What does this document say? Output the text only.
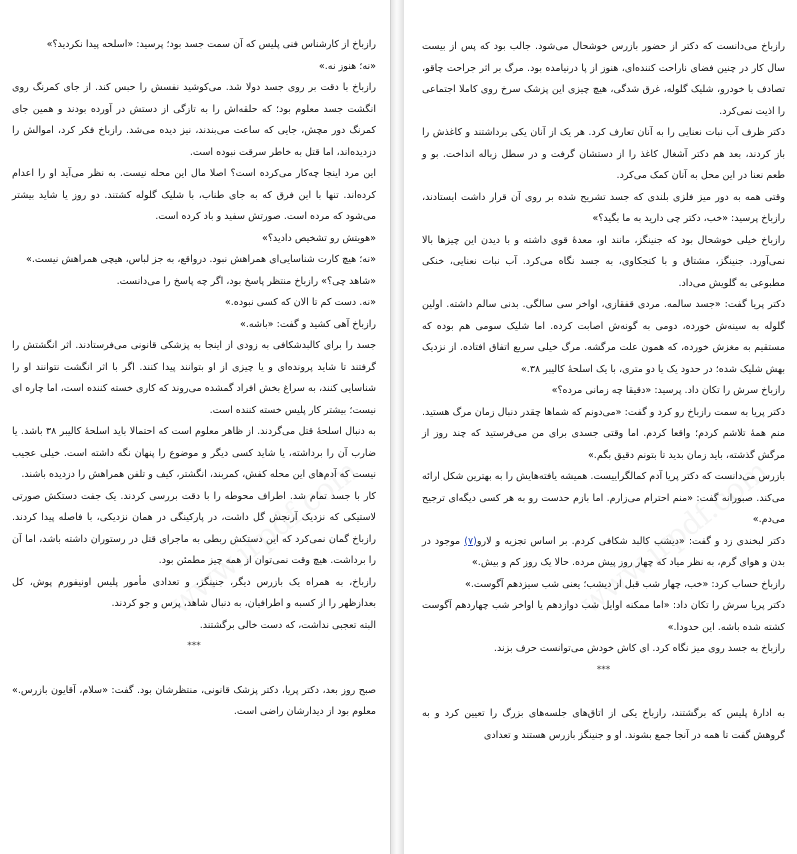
رازباخ از کارشناس فنی پلیس که آن سمت جسد بود؛ پرسید: «اسلحه پیدا نکردید؟»

«نه؛ هنوز نه.»

رازباخ با دقت بر روی جسد دولا شد. می‌کوشید نفسش را حبس کند. از جای کمرنگ روی انگشت جسد معلوم بود؛ که حلقه‌اش را به تازگی از دستش در آورده بودند و همین جای کمرنگ دور مچش، جایی که ساعت می‌بندند، نیز دیده می‌شد. رازباخ فکر کرد، اموالش را دزدیده‌اند، اما قتل به خاطر سرقت نبوده است.

این مرد اینجا چه‌کار می‌کرده است؟ اصلا مال این محله نیست. به نظر می‌آید او را اعدام کرده‌اند. تنها با این فرق که به جای طناب، با شلیک گلوله کشتند. دو روز یا شاید بیشتر می‌شود که مرده است. صورتش سفید و باد کرده است.

«هویتش رو تشخیص دادید؟»

«نه؛ هیچ کارت شناسایی‌ای همراهش نبود. درواقع، به جز لباس، هیچی همراهش نیست.»

«شاهد چی؟» رازباخ منتظر پاسخ بود، اگر چه پاسخ را می‌دانست.

«نه. دست کم تا الان که کسی نبوده.»

رازباخ آهی کشید و گفت: «باشه.»

جسد را برای کالبدشکافی به زودی از اینجا به پزشکی قانونی می‌فرستادند. اثر انگشتش را گرفتند تا شاید پرونده‌ای و یا چیزی از او بتوانند پیدا کنند. اگر با اثر انگشت نتوانند او را شناسایی کنند، به سراغ بخش افراد گمشده می‌روند که کاری خسته کننده است، اما چاره ای نیست؛ بیشتر کار پلیس خسته کننده است.

به دنبال اسلحهٔ قتل می‌گردند. از ظاهر معلوم است که احتمالا باید اسلحهٔ کالیبر ۳۸ باشد. یا ضارب آن را برداشته، یا شاید کسی دیگر و موضوع را پنهان نگه داشته است. خیلی عجیب نیست که آدم‌های این محله کفش، کمربند، انگشتر، کیف و تلفن همراهش را دزدیده باشند.

کار با جسد تمام شد. اطراف محوطه را با دقت بررسی کردند. یک جفت دستکش صورتی لاستیکی که نزدیک آرنجش گل داشت، در پارکینگی در همان نزدیکی، با فاصله پیدا کردند. رازباخ گمان نمی‌کرد که این دستکش ربطی به ماجرای قتل در رستوران داشته باشد، اما آن را برداشت. هیچ وقت نمی‌توان از همه چیز مطمئن بود.

رازباخ، به همراه یک بازرس دیگر، جنینگز، و تعدادی مأمور پلیس اونیفورم پوش، کل بعدازظهر را از کسبه و اطرافیان، به دنبال شاهد، پرس و جو کردند.

البته تعجبی نداشت، که دست خالی برگشتند.

***

صبح روز بعد، دکتر پریا، دکتر پزشک قانونی، منتظرشان بود. گفت: «سلام، آقایون بازرس.» معلوم بود از دیدارشان راضی است.

رازباخ می‌دانست که دکتر از حضور بازرس خوشحال می‌شود. جالب بود که پس از بیست سال کار در چنین فضای ناراحت کننده‌ای، هنوز از پا درنیامده بود. مرگ بر اثر جراحت چاقو، تصادف با خودرو، شلیک گلوله، غرق شدگی، هیچ چیزی این پزشک سرخ روی کاملا اجتماعی را اذیت نمی‌کرد.

دکتر ظرف آب نبات نعنایی را به آنان تعارف کرد. هر یک از آنان یکی برداشتند و کاغذش را باز کردند، بعد هم دکتر آشغال کاغذ را از دستشان گرفت و در سطل زباله انداخت. بو و طعم نعنا در این محل به آنان کمک می‌کرد.

وقتی همه به دور میز فلزی بلندی که جسد تشریح شده بر روی آن قرار داشت ایستادند، رازباخ پرسید: «خب، دکتر چی دارید به ما بگید؟»

رازباخ خیلی خوشحال بود که جنینگز، مانند او، معدهٔ قوی داشته و با دیدن این چیزها بالا نمی‌آورد. جنینگز، مشتاق و با کنجکاوی، به جسد نگاه می‌کرد. آب نبات نعنایی، خنکی مطبوعی به گلویش می‌داد.

دکتر پریا گفت: «جسد سالمه. مردی قفقازی، اواخر سی سالگی. بدنی سالم داشته. اولین گلوله به سینه‌ش خورده، دومی به گونه‌ش اصابت کرده. اما شلیک سومی هم بوده که مستقیم به مغزش خورده، که همون علت مرگشه. مرگ خیلی سریع اتفاق افتاده. از نزدیک بهش شلیک شده؛ در حدود یک یا دو متری، با یک اسلحهٔ کالیبر ۳۸.»

رازباخ سرش را تکان داد. پرسید: «دقیقا چه زمانی مرده؟»

دکتر پریا به سمت رازباخ رو کرد و گفت: «می‌دونم که شماها چقدر دنبال زمان مرگ هستید. منم همهٔ تلاشم کردم؛ واقعا کردم. اما وقتی جسدی برای من می‌فرستید که چند روز از مرگش گذشته، باید زمان بدید تا بتونم دقیق بگم.»

بازرس می‌دانست که دکتر پریا آدم کمالگراییست. همیشه یافته‌هایش را به بهترین شکل ارائه می‌کند. صبورانه گفت: «منم احترام می‌زارم. اما بازم حدست رو به هر کسی دیگه‌ای ترجیح می‌دم.»

دکتر لبخندی زد و گفت: «دیشب کالبد شکافی کردم. بر اساس تجزیه و لارو(۷) موجود در بدن و هوای گرم، به نظر میاد که چهار روز پیش مرده. حالا یک روز کم و بیش.»

رازباخ حساب کرد: «خب، چهار شب قبل از دیشب؛ یعنی شب سیزدهم آگوست.»

دکتر پریا سرش را تکان داد: «اما ممکنه اوایل شب دوازدهم یا اواخر شب چهاردهم آگوست کشته شده باشه. این حدودا.»

رازباخ به جسد روی میز نگاه کرد. ای کاش خودش می‌توانست حرف بزند.

***

به ادارهٔ پلیس که برگشتند، رازباخ یکی از اتاق‌های جلسه‌های بزرگ را تعیین کرد و به گروهش گفت تا همه در آنجا جمع بشوند. او و جنینگز بازرس هستند و تعدادی
